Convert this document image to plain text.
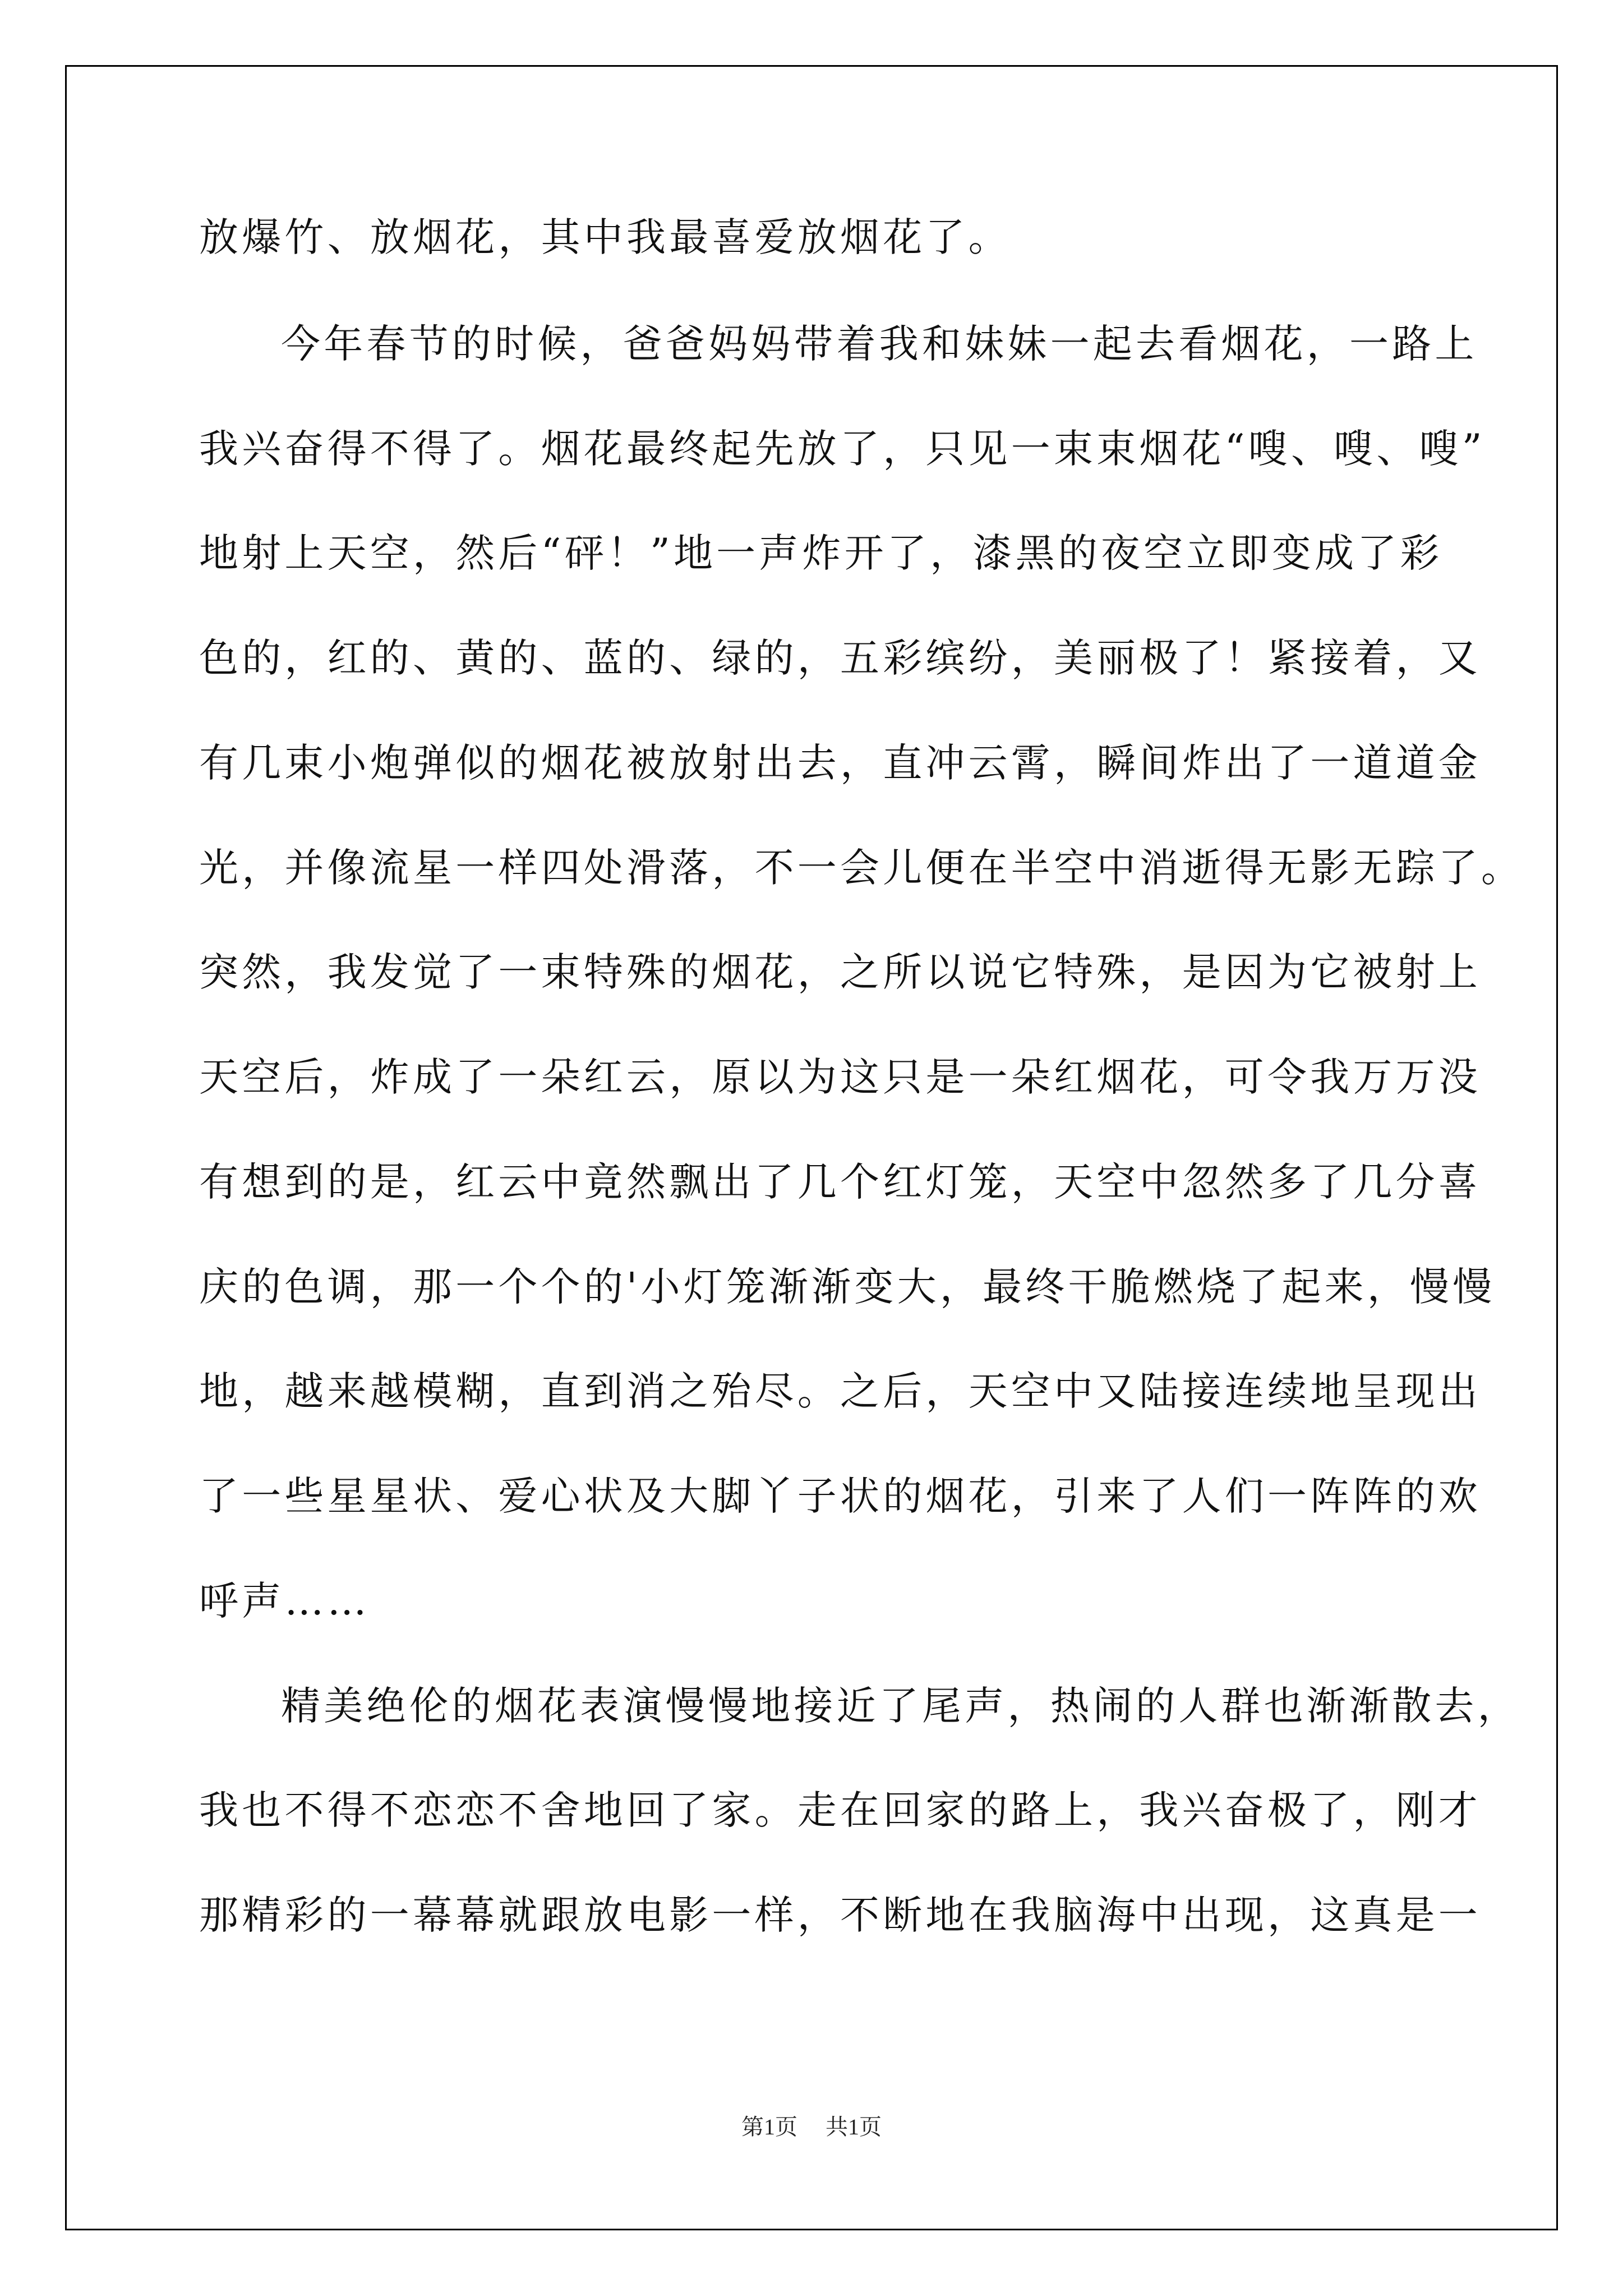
放爆竹、放烟花，其中我最喜爱放烟花了。
今年春节的时候，爸爸妈妈带着我和妹妹一起去看烟花，一路上
我兴奋得不得了。烟花最终起先放了，只见一束束烟花“嗖、嗖、嗖”
地射上天空，然后“砰！”地一声炸开了，漆黑的夜空立即变成了彩
色的，红的、黄的、蓝的、绿的，五彩缤纷，美丽极了！紧接着，又
有几束小炮弹似的烟花被放射出去，直冲云霄，瞬间炸出了一道道金
光，并像流星一样四处滑落，不一会儿便在半空中消逝得无影无踪了。
突然，我发觉了一束特殊的烟花，之所以说它特殊，是因为它被射上
天空后，炸成了一朵红云，原以为这只是一朵红烟花，可令我万万没
有想到的是，红云中竟然飘出了几个红灯笼，天空中忽然多了几分喜
庆的色调，那一个个的'小灯笼渐渐变大，最终干脆燃烧了起来，慢慢
地，越来越模糊，直到消之殆尽。之后，天空中又陆接连续地呈现出
了一些星星状、爱心状及大脚丫子状的烟花，引来了人们一阵阵的欢
呼声……
精美绝伦的烟花表演慢慢地接近了尾声，热闹的人群也渐渐散去，
我也不得不恋恋不舍地回了家。走在回家的路上，我兴奋极了，刚才
那精彩的一幕幕就跟放电影一样，不断地在我脑海中出现，这真是一
第1页 共1页
